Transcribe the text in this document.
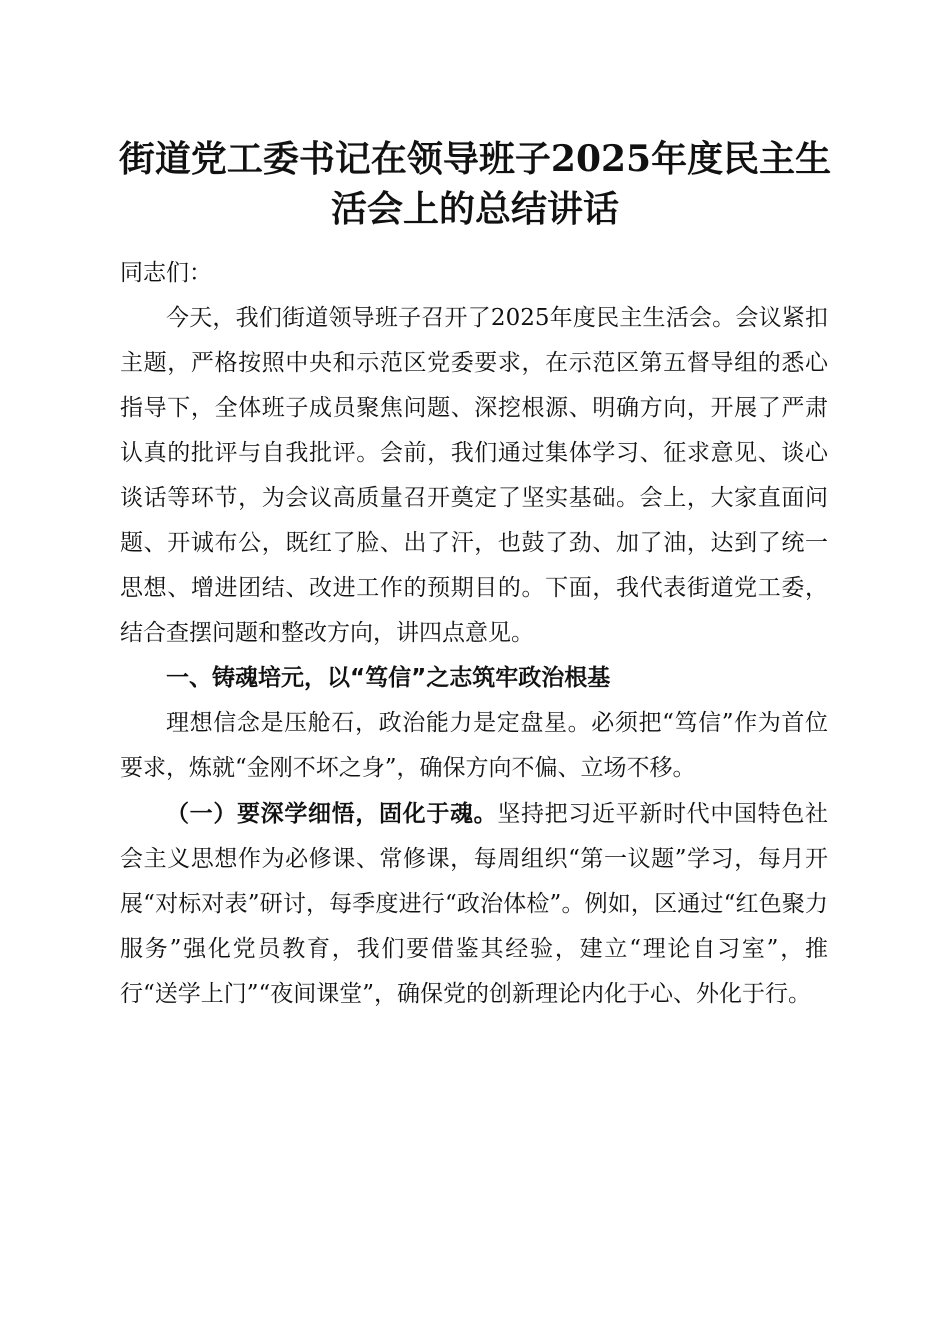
街道党工委书记在领导班子2025年度民主生
活会上的总结讲话

同志们：

今天，我们街道领导班子召开了2025年度民主生活会。会议紧扣主题，严格按照中央和示范区党委要求，在示范区第五督导组的悉心指导下，全体班子成员聚焦问题、深挖根源、明确方向，开展了严肃认真的批评与自我批评。会前，我们通过集体学习、征求意见、谈心谈话等环节，为会议高质量召开奠定了坚实基础。会上，大家直面问题、开诚布公，既红了脸、出了汗，也鼓了劲、加了油，达到了统一思想、增进团结、改进工作的预期目的。下面，我代表街道党工委，结合查摆问题和整改方向，讲四点意见。

一、铸魂培元，以“笃信”之志筑牢政治根基

理想信念是压舱石，政治能力是定盘星。必须把“笃信”作为首位要求，炼就“金刚不坏之身”，确保方向不偏、立场不移。

（一）要深学细悟，固化于魂。坚持把习近平新时代中国特色社会主义思想作为必修课、常修课，每周组织“第一议题”学习，每月开展“对标对表”研讨，每季度进行“政治体检”。例如，区通过“红色聚力服务”强化党员教育，我们要借鉴其经验，建立“理论自习室”，推行“送学上门”“夜间课堂”，确保党的创新理论内化于心、外化于行。
